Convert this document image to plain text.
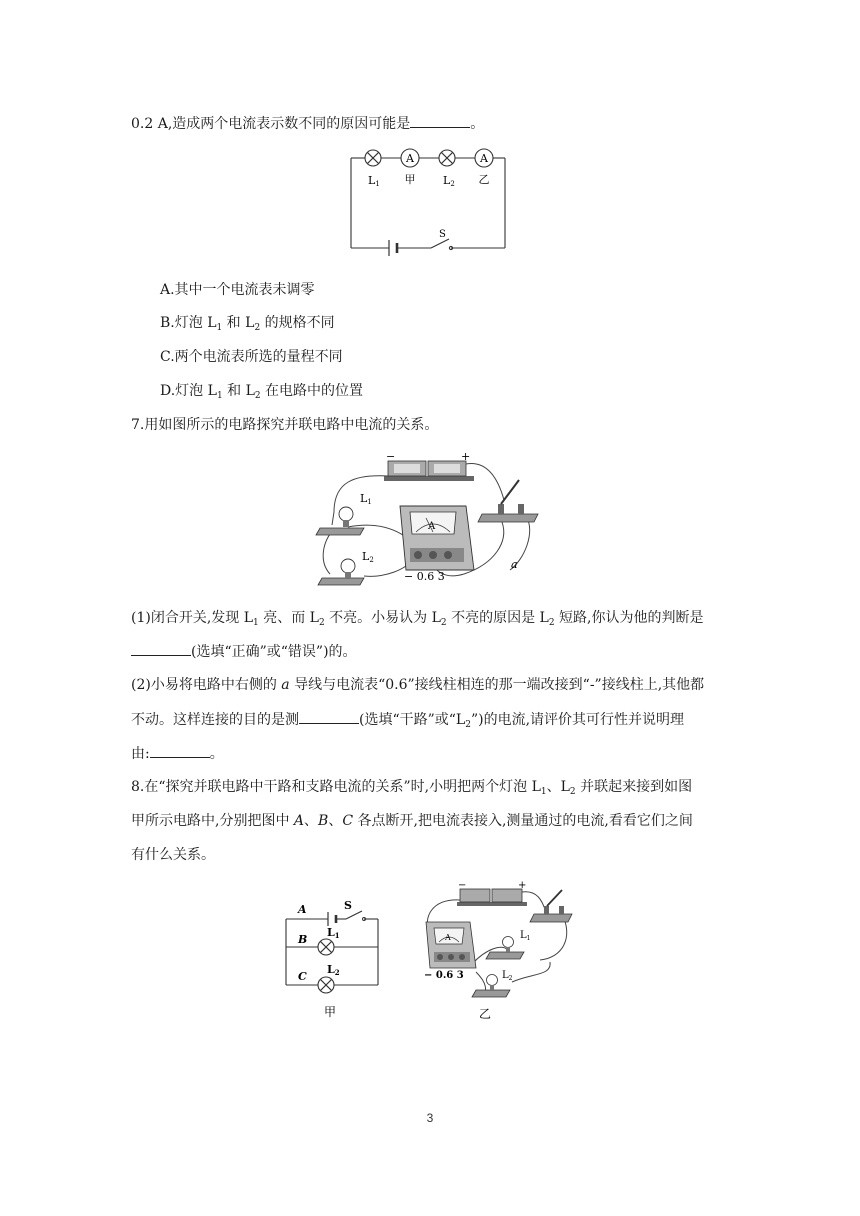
0.2 A,造成两个电流表示数不同的原因可能是	。
A	A
L1 甲	L2 乙
S
A.其中一个电流表未调零
B.灯泡 $L_1$ 和 $L_2$ 的规格不同
C.两个电流表所选的量程不同
D.灯泡 $L_1$ 和 $L_2$ 在电路中的位置
7.用如图所示的电路探究并联电路中电流的关系。
−	+
L1
L2
A
− 0.6 3
a
(1)闭合开关,发现 $L_1$ 亮、而 $L_2$ 不亮。小易认为 $L_2$ 不亮的原因是 $L_2$ 短路,你认为他的判断是
(选填“正确”或“错误”)的。
(2)小易将电路中右侧的 a 导线与电流表“0.6”接线柱相连的那一端改接到“-”接线柱上,其他都
不动。这样连接的目的是测	(选填“干路”或“$L_2$”)的电流,请评价其可行性并说明理
由:	。
8.在“探究并联电路中干路和支路电流的关系”时,小明把两个灯泡 $L_1$、$L_2$ 并联起来接到如图
甲所示电路中,分别把图中 A、B、C 各点断开,把电流表接入,测量通过的电流,看看它们之间
有什么关系。
A
B
C
S
L1
L2
甲
−	+
A
− 0.6 3
$L_1$
$L_2$
乙
3
